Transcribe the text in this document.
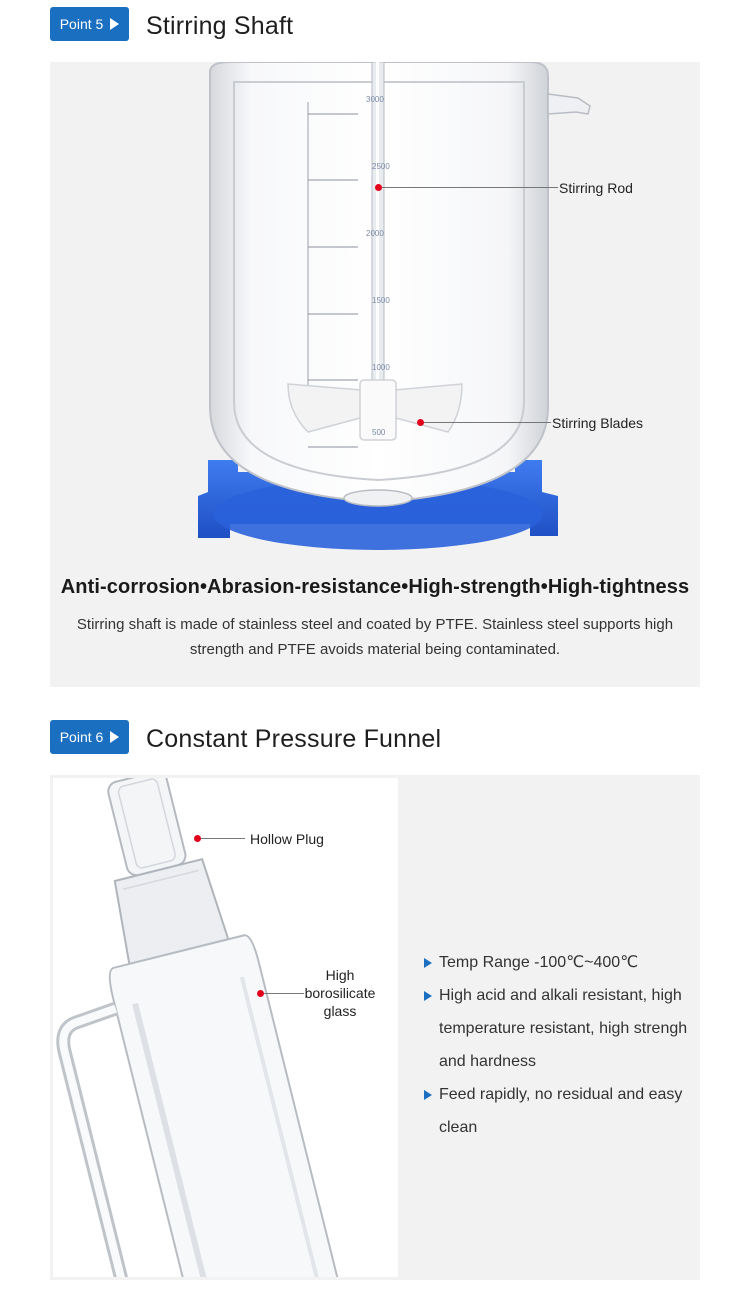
Point 5 Stirring Shaft
3000
2500
2000
1500
1000
500
Stirring Rod
Stirring Blades
Anti-corrosion•Abrasion-resistance•High-strength•High-tightness
Stirring shaft is made of stainless steel and coated by PTFE. Stainless steel supports high strength and PTFE avoids material being contaminated.
Point 6 Constant Pressure Funnel
Hollow Plug
High
borosilicate
glass
Temp Range -100℃~400℃
High acid and alkali resistant, high temperature resistant, high strengh and hardness
Feed rapidly, no residual and easy clean
